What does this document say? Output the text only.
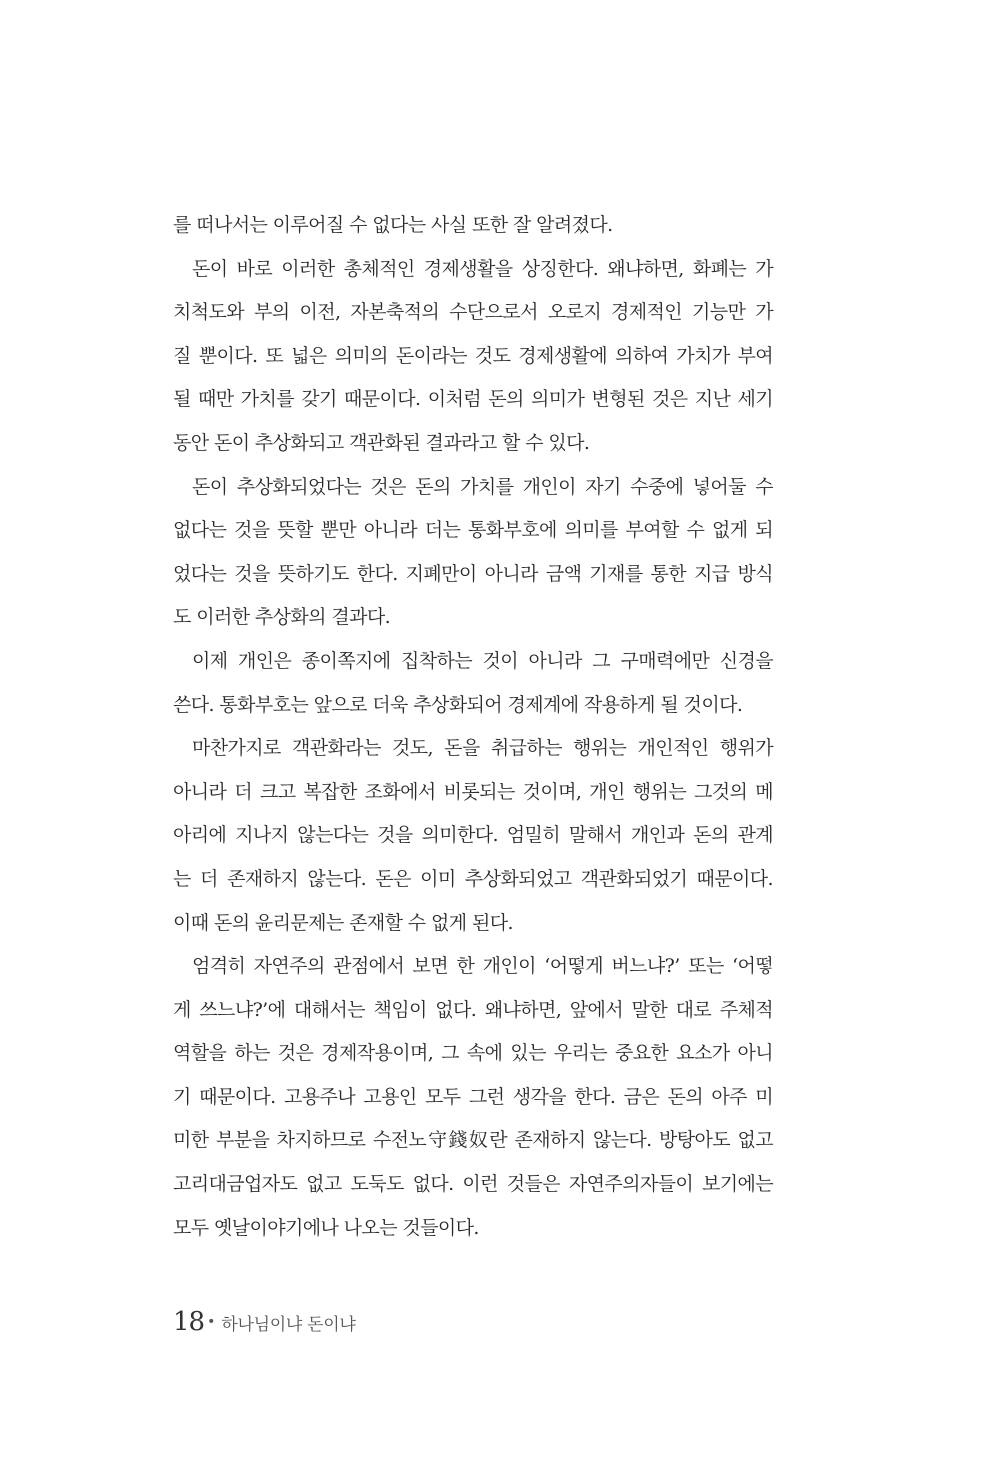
를 떠나서는 이루어질 수 없다는 사실 또한 잘 알려졌다.
돈이 바로 이러한 총체적인 경제생활을 상징한다. 왜냐하면, 화폐는 가
치척도와 부의 이전, 자본축적의 수단으로서 오로지 경제적인 기능만 가
질 뿐이다. 또 넓은 의미의 돈이라는 것도 경제생활에 의하여 가치가 부여
될 때만 가치를 갖기 때문이다. 이처럼 돈의 의미가 변형된 것은 지난 세기
동안 돈이 추상화되고 객관화된 결과라고 할 수 있다.
돈이 추상화되었다는 것은 돈의 가치를 개인이 자기 수중에 넣어둘 수
없다는 것을 뜻할 뿐만 아니라 더는 통화부호에 의미를 부여할 수 없게 되
었다는 것을 뜻하기도 한다. 지폐만이 아니라 금액 기재를 통한 지급 방식
도 이러한 추상화의 결과다.
이제 개인은 종이쪽지에 집착하는 것이 아니라 그 구매력에만 신경을
쓴다. 통화부호는 앞으로 더욱 추상화되어 경제계에 작용하게 될 것이다.
마찬가지로 객관화라는 것도, 돈을 취급하는 행위는 개인적인 행위가
아니라 더 크고 복잡한 조화에서 비롯되는 것이며, 개인 행위는 그것의 메
아리에 지나지 않는다는 것을 의미한다. 엄밀히 말해서 개인과 돈의 관계
는 더 존재하지 않는다. 돈은 이미 추상화되었고 객관화되었기 때문이다.
이때 돈의 윤리문제는 존재할 수 없게 된다.
엄격히 자연주의 관점에서 보면 한 개인이 ‘어떻게 버느냐?’ 또는 ‘어떻
게 쓰느냐?’에 대해서는 책임이 없다. 왜냐하면, 앞에서 말한 대로 주체적
역할을 하는 것은 경제작용이며, 그 속에 있는 우리는 중요한 요소가 아니
기 때문이다. 고용주나 고용인 모두 그런 생각을 한다. 금은 돈의 아주 미
미한 부분을 차지하므로 수전노守錢奴란 존재하지 않는다. 방탕아도 없고
고리대금업자도 없고 도둑도 없다. 이런 것들은 자연주의자들이 보기에는
모두 옛날이야기에나 나오는 것들이다.
18 • 하나님이냐 돈이냐
